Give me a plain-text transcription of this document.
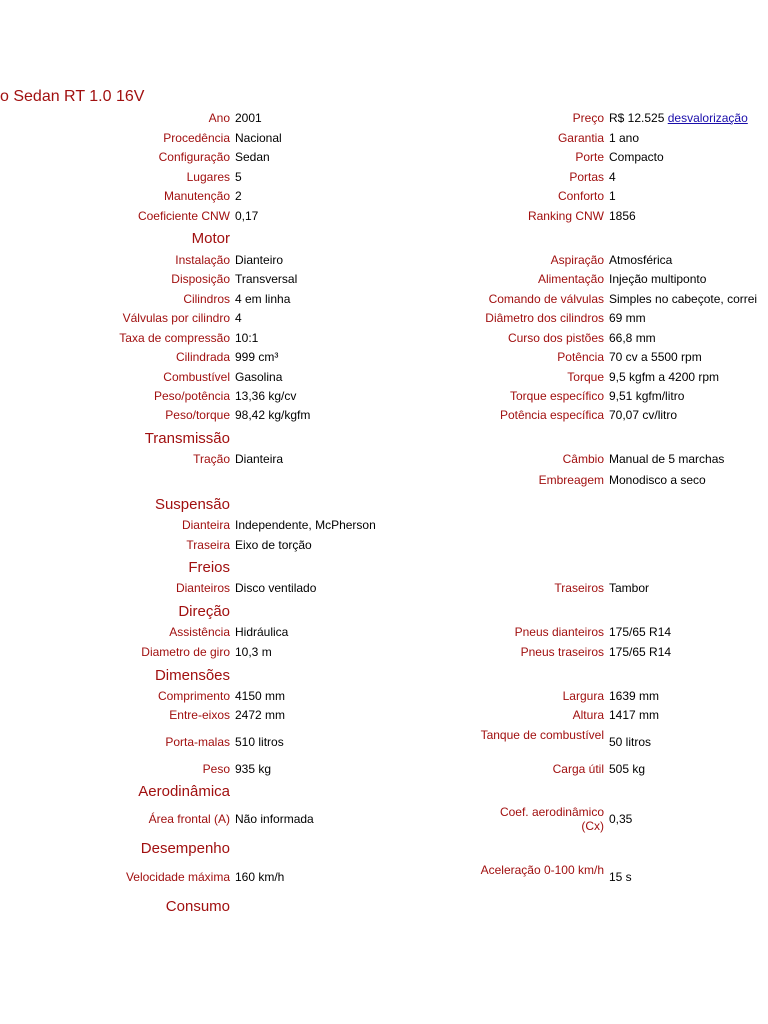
o Sedan RT 1.0 16V
Ano 2001	Preço R$ 12.525 desvalorização
Procedência Nacional	Garantia 1 ano
Configuração Sedan	Porte Compacto
Lugares 5	Portas 4
Manutenção 2	Conforto 1
Coeficiente CNW 0,17	Ranking CNW 1856
Motor
Instalação Dianteiro	Aspiração Atmosférica
Disposição Transversal	Alimentação Injeção multiponto
Cilindros 4 em linha	Comando de válvulas Simples no cabeçote, correi
Válvulas por cilindro 4	Diâmetro dos cilindros 69 mm
Taxa de compressão 10:1	Curso dos pistões 66,8 mm
Cilindrada 999 cm³	Potência 70 cv a 5500 rpm
Combustível Gasolina	Torque 9,5 kgfm a 4200 rpm
Peso/potência 13,36 kg/cv	Torque específico 9,51 kgfm/litro
Peso/torque 98,42 kg/kgfm	Potência específica 70,07 cv/litro
Transmissão
Tração Dianteira	Câmbio Manual de 5 marchas
Embreagem Monodisco a seco
Suspensão
Dianteira Independente, McPherson
Traseira Eixo de torção
Freios
Dianteiros Disco ventilado	Traseiros Tambor
Direção
Assistência Hidráulica	Pneus dianteiros 175/65 R14
Diametro de giro 10,3 m	Pneus traseiros 175/65 R14
Dimensões
Comprimento 4150 mm	Largura 1639 mm
Entre-eixos 2472 mm	Altura 1417 mm
Porta-malas 510 litros	Tanque de combustível 50 litros
Peso 935 kg	Carga útil 505 kg
Aerodinâmica
Área frontal (A) Não informada	Coef. aerodinâmico (Cx) 0,35
Desempenho
Velocidade máxima 160 km/h	Aceleração 0-100 km/h 15 s
Consumo
